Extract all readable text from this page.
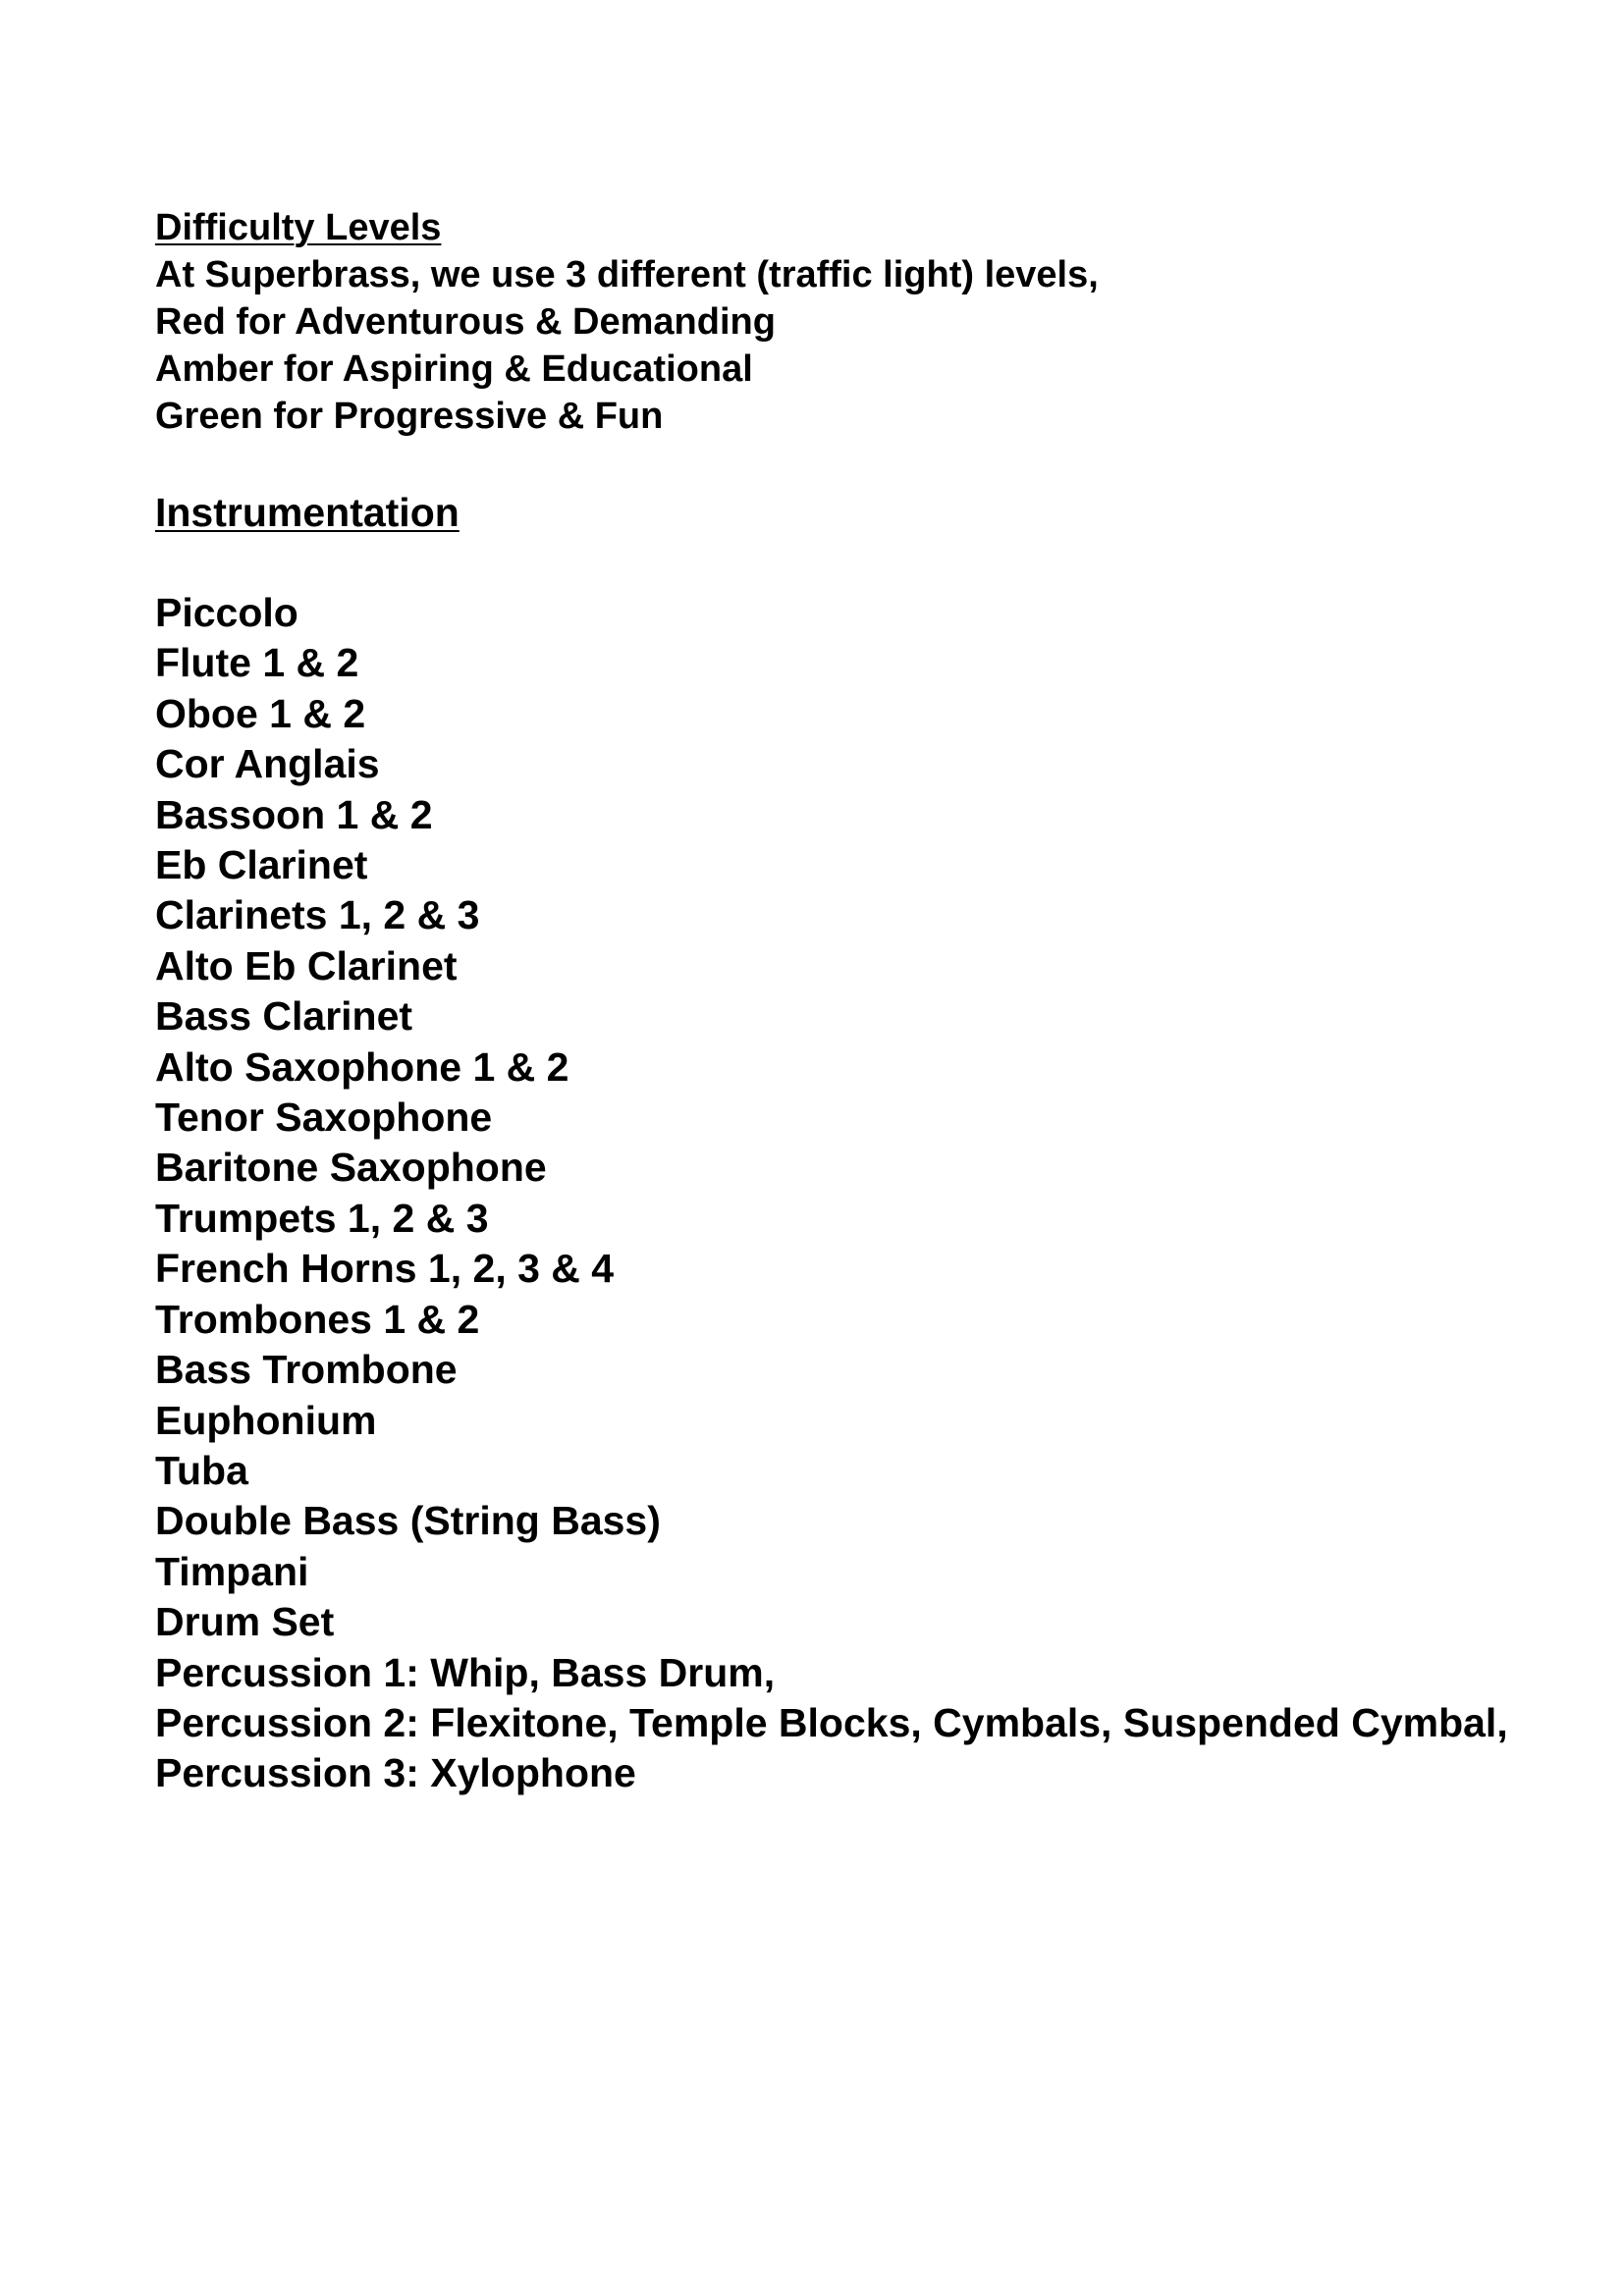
Difficulty Levels

At Superbrass, we use 3 different (traffic light) levels,

Red for Adventurous & Demanding

Amber for Aspiring & Educational

Green for Progressive & Fun

Instrumentation

Piccolo
Flute 1 & 2
Oboe 1 & 2
Cor Anglais
Bassoon 1 & 2
Eb Clarinet
Clarinets 1, 2 & 3
Alto Eb Clarinet
Bass Clarinet
Alto Saxophone 1 & 2
Tenor Saxophone
Baritone Saxophone
Trumpets 1, 2 & 3
French Horns 1, 2, 3 & 4
Trombones 1 & 2
Bass Trombone
Euphonium
Tuba
Double Bass (String Bass)
Timpani
Drum Set
Percussion 1: Whip, Bass Drum,
Percussion 2: Flexitone, Temple Blocks, Cymbals, Suspended Cymbal,
Percussion 3: Xylophone
